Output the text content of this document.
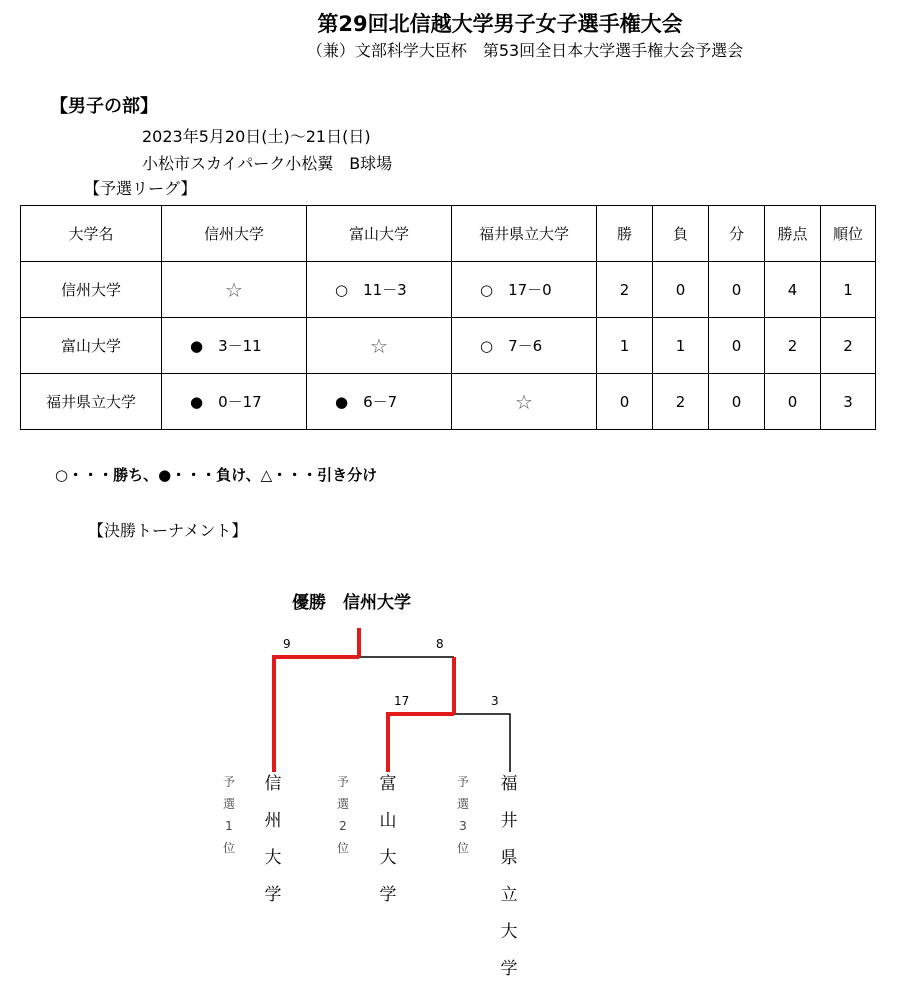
第29回北信越大学男子女子選手権大会
（兼）文部科学大臣杯　第53回全日本大学選手権大会予選会
【男子の部】
2023年5月20日(土)〜21日(日)
小松市スカイパーク小松翼　B球場
【予選リーグ】
大学名	信州大学	富山大学	福井県立大学	勝	負	分	勝点	順位
信州大学	☆	○　11－3	○　17－0	2	0	0	4	1
富山大学	●　3－11	☆	○　7－6	1	1	0	2	2
福井県立大学	●　0－17	●　6－7	☆	0	2	0	0	3
○・・・勝ち、●・・・負け、△・・・引き分け
【決勝トーナメント】
優勝　信州大学
9	8
17	3
予
選
1
位
信
州
大
学
予
選
2
位
富
山
大
学
予
選
3
位
福
井
県
立
大
学
